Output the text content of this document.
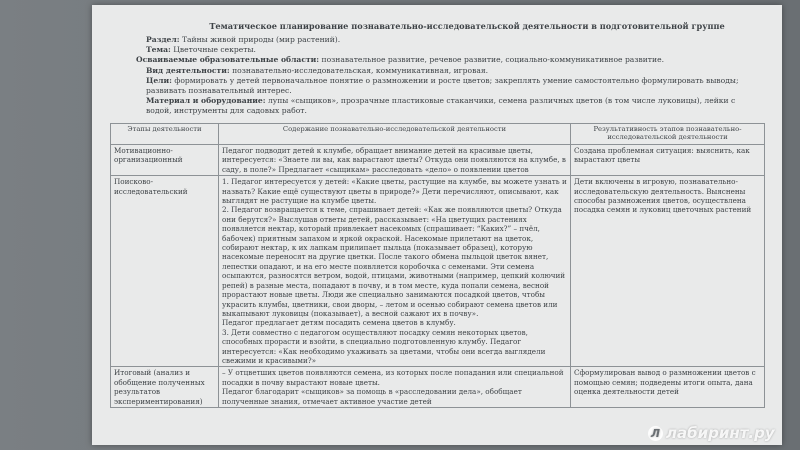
Тематическое планирование познавательно-исследовательской деятельности в подготовительной группе
Раздел: Тайны живой природы (мир растений).
Тема: Цветочные секреты.
Осваиваемые образовательные области: познавательное развитие, речевое развитие, социально-коммуникативное развитие.
Вид деятельности: познавательно-исследовательская, коммуникативная, игровая.
Цели: формировать у детей первоначальное понятие о размножении и росте цветов; закреплять умение самостоятельно формулировать выводы; развивать познавательный интерес.
Материал и оборудование: лупы «сыщиков», прозрачные пластиковые стаканчики, семена различных цветов (в том числе луковицы), лейки с водой, инструменты для садовых работ.
Этапы деятельности	Содержание познавательно-исследовательской деятельности	Результативность этапов познавательно-исследовательской деятельности
Мотивационно-организационный	Педагог подводит детей к клумбе, обращает внимание детей на красивые цветы, интересуется: «Знаете ли вы, как вырастают цветы? Откуда они появляются на клумбе, в саду, в поле?» Предлагает «сыщикам» расследовать «дело» о появлении цветов	Создана проблемная ситуация: выяснить, как вырастают цветы
Поисково-исследовательский	1. Педагог интересуется у детей: «Какие цветы, растущие на клумбе, вы можете узнать и назвать? Какие ещё существуют цветы в природе?» Дети перечисляют, описывают, как выглядят не растущие на клумбе цветы.

2. Педагог возвращается к теме, спрашивает детей: «Как же появляются цветы? Откуда они берутся?» Выслушав ответы детей, рассказывает: «На цветущих растениях появляется нектар, который привлекает насекомых (спрашивает: “Каких?” – пчёл, бабочек) приятным запахом и яркой окраской. Насекомые прилетают на цветок, собирают нектар, к их лапкам прилипает пыльца (показывает образец), которую насекомые переносят на другие цветки. После такого обмена пыльцой цветок вянет, лепестки опадают, и на его месте появляется коробочка с семенами. Эти семена осыпаются, разносятся ветром, водой, птицами, животными (например, цепкий колючий репей) в разные места, попадают в почву, и в том месте, куда попали семена, весной прорастают новые цветы. Люди же специально занимаются посадкой цветов, чтобы украсить клумбы, цветники, свои дворы, – летом и осенью собирают семена цветов или выкапывают луковицы (показывает), а весной сажают их в почву».

Педагог предлагает детям посадить семена цветов в клумбу.

3. Дети совместно с педагогом осуществляют посадку семян некоторых цветов, способных прорасти и взойти, в специально подготовленную клумбу. Педагог интересуется: «Как необходимо ухаживать за цветами, чтобы они всегда выглядели свежими и красивыми?»	Дети включены в игровую, познавательно-исследовательскую деятельность. Выяснены способы размножения цветов, осуществлена посадка семян и луковиц цветочных растений
Итоговый (анализ и обобщение полученных результатов экспериментирования)	– У отцветших цветов появляются семена, из которых после попадания или специальной посадки в почву вырастают новые цветы.

Педагог благодарит «сыщиков» за помощь в «расследовании дела», обобщает полученные знания, отмечает активное участие детей	Сформулирован вывод о размножении цветов с помощью семян; подведены итоги опыта, дана оценка деятельности детей
Л лабиринт.ру
